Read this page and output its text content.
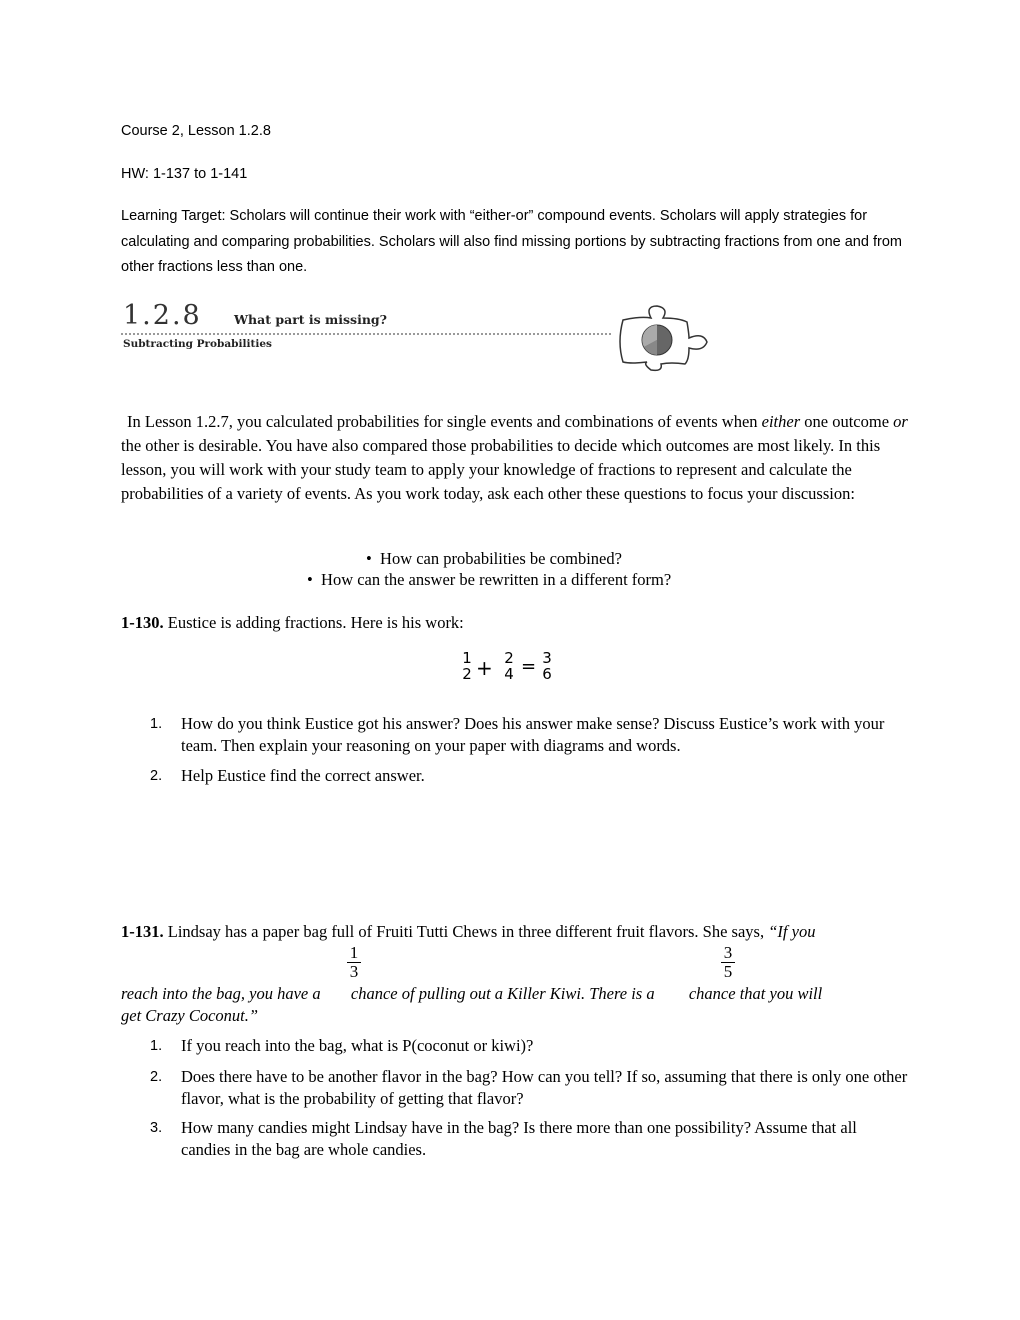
Course 2, Lesson 1.2.8
HW: 1-137 to 1-141
Learning Target: Scholars will continue their work with “either-or” compound events. Scholars will apply strategies for calculating and comparing probabilities. Scholars will also find missing portions by subtracting fractions from one and from other fractions less than one.
1.2.8	What part is missing?
Subtracting Probabilities
In Lesson 1.2.7, you calculated probabilities for single events and combinations of events when either one outcome or the other is desirable. You have also compared those probabilities to decide which outcomes are most likely. In this lesson, you will work with your study team to apply your knowledge of fractions to represent and calculate the probabilities of a variety of events. As you work today, ask each other these questions to focus your discussion:
•  How can probabilities be combined?
•  How can the answer be rewritten in a different form?
1-130. Eustice is adding fractions. Here is his work:
1
2 + 2
4 = 3
6
1. How do you think Eustice got his answer? Does his answer make sense? Discuss Eustice’s work with your team. Then explain your reasoning on your paper with diagrams and words.
2. Help Eustice find the correct answer.
1-131. Lindsay has a paper bag full of Fruiti Tutti Chews in three different fruit flavors. She says, “If you
1
3
3
5
reach into the bag, you have a  chance of pulling out a Killer Kiwi. There is a  chance that you will
get Crazy Coconut.”
1. If you reach into the bag, what is P(coconut or kiwi)?
2. Does there have to be another flavor in the bag? How can you tell? If so, assuming that there is only one other flavor, what is the probability of getting that flavor?
3. How many candies might Lindsay have in the bag? Is there more than one possibility? Assume that all candies in the bag are whole candies.
